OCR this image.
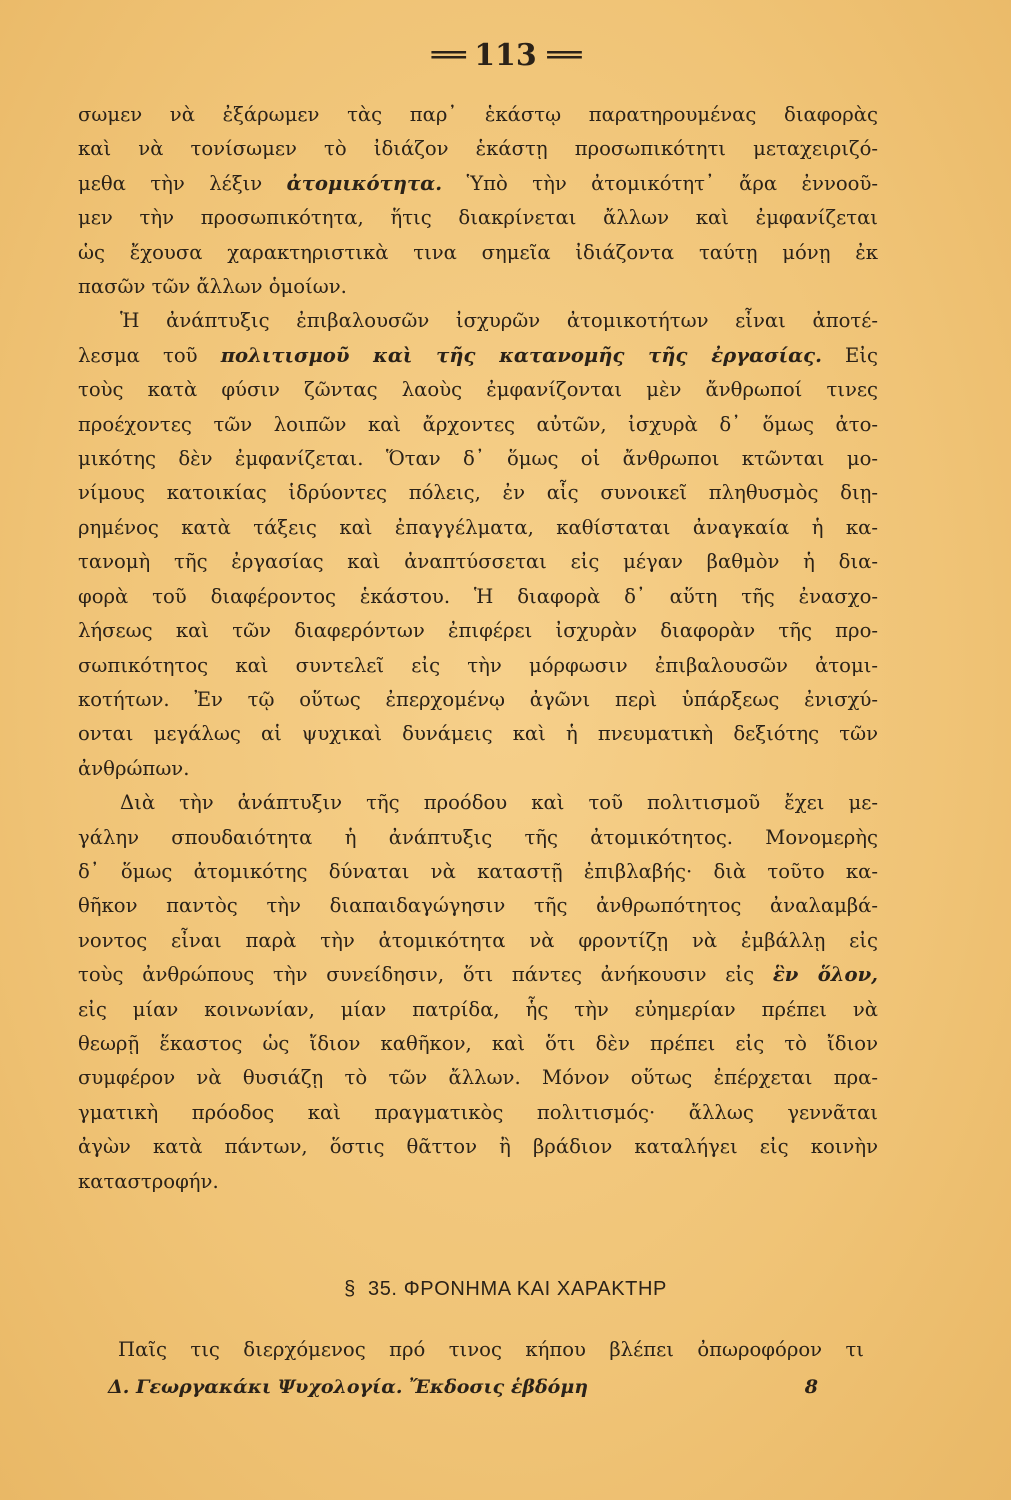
══ 113 ══
σωμεν νὰ ἐξάρωμεν τὰς παρ᾽ ἑκάστῳ παρατηρουμένας διαφορὰς
καὶ νὰ τονίσωμεν τὸ ἰδιάζον ἑκάστῃ προσωπικότητι μεταχειριζό-
μεθα τὴν λέξιν ἀτομικότητα. Ὑπὸ τὴν ἀτομικότητ᾽ ἄρα ἐννοοῦ-
μεν τὴν προσωπικότητα, ἥτις διακρίνεται ἄλλων καὶ ἐμφανίζεται
ὡς ἔχουσα χαρακτηριστικὰ τινα σημεῖα ἰδιάζοντα ταύτῃ μόνῃ ἐκ
πασῶν τῶν ἄλλων ὁμοίων.
Ἡ ἀνάπτυξις ἐπιβαλουσῶν ἰσχυρῶν ἀτομικοτήτων εἶναι ἀποτέ-
λεσμα τοῦ πολιτισμοῦ καὶ τῆς κατανομῆς τῆς ἐργασίας. Εἰς
τοὺς κατὰ φύσιν ζῶντας λαοὺς ἐμφανίζονται μὲν ἄνθρωποί τινες
προέχοντες τῶν λοιπῶν καὶ ἄρχοντες αὐτῶν, ἰσχυρὰ δ᾽ ὅμως ἀτο-
μικότης δὲν ἐμφανίζεται. Ὅταν δ᾽ ὅμως οἱ ἄνθρωποι κτῶνται μο-
νίμους κατοικίας ἱδρύοντες πόλεις, ἐν αἷς συνοικεῖ πληθυσμὸς διῃ-
ρημένος κατὰ τάξεις καὶ ἐπαγγέλματα, καθίσταται ἀναγκαία ἡ κα-
τανομὴ τῆς ἐργασίας καὶ ἀναπτύσσεται εἰς μέγαν βαθμὸν ἡ δια-
φορὰ τοῦ διαφέροντος ἑκάστου. Ἡ διαφορὰ δ᾽ αὕτη τῆς ἐνασχο-
λήσεως καὶ τῶν διαφερόντων ἐπιφέρει ἰσχυρὰν διαφορὰν τῆς προ-
σωπικότητος καὶ συντελεῖ εἰς τὴν μόρφωσιν ἐπιβαλουσῶν ἀτομι-
κοτήτων. Ἐν τῷ οὕτως ἐπερχομένῳ ἀγῶνι περὶ ὑπάρξεως ἐνισχύ-
ονται μεγάλως αἱ ψυχικαὶ δυνάμεις καὶ ἡ πνευματικὴ δεξιότης τῶν
ἀνθρώπων.
Διὰ τὴν ἀνάπτυξιν τῆς προόδου καὶ τοῦ πολιτισμοῦ ἔχει με-
γάλην σπουδαιότητα ἡ ἀνάπτυξις τῆς ἀτομικότητος. Μονομερὴς
δ᾽ ὅμως ἀτομικότης δύναται νὰ καταστῇ ἐπιβλαβής· διὰ τοῦτο κα-
θῆκον παντὸς τὴν διαπαιδαγώγησιν τῆς ἀνθρωπότητος ἀναλαμβά-
νοντος εἶναι παρὰ τὴν ἀτομικότητα νὰ φροντίζῃ νὰ ἐμβάλλῃ εἰς
τοὺς ἀνθρώπους τὴν συνείδησιν, ὅτι πάντες ἀνήκουσιν εἰς ἓν ὅλον,
εἰς μίαν κοινωνίαν, μίαν πατρίδα, ἧς τὴν εὐημερίαν πρέπει νὰ
θεωρῇ ἕκαστος ὡς ἴδιον καθῆκον, καὶ ὅτι δὲν πρέπει εἰς τὸ ἴδιον
συμφέρον νὰ θυσιάζῃ τὸ τῶν ἄλλων. Μόνον οὕτως ἐπέρχεται πρα-
γματικὴ πρόοδος καὶ πραγματικὸς πολιτισμός· ἄλλως γεννᾶται
ἀγὼν κατὰ πάντων, ὅστις θᾶττον ἢ βράδιον καταλήγει εἰς κοινὴν
καταστροφήν.
§ 35. ΦΡΟΝΗΜΑ ΚΑΙ ΧΑΡΑΚΤΗΡ
Παῖς τις διερχόμενος πρό τινος κήπου βλέπει ὀπωροφόρον τι
Δ. Γεωργακάκι Ψυχολογία. Ἔκδοσις ἑβδόμη	8
